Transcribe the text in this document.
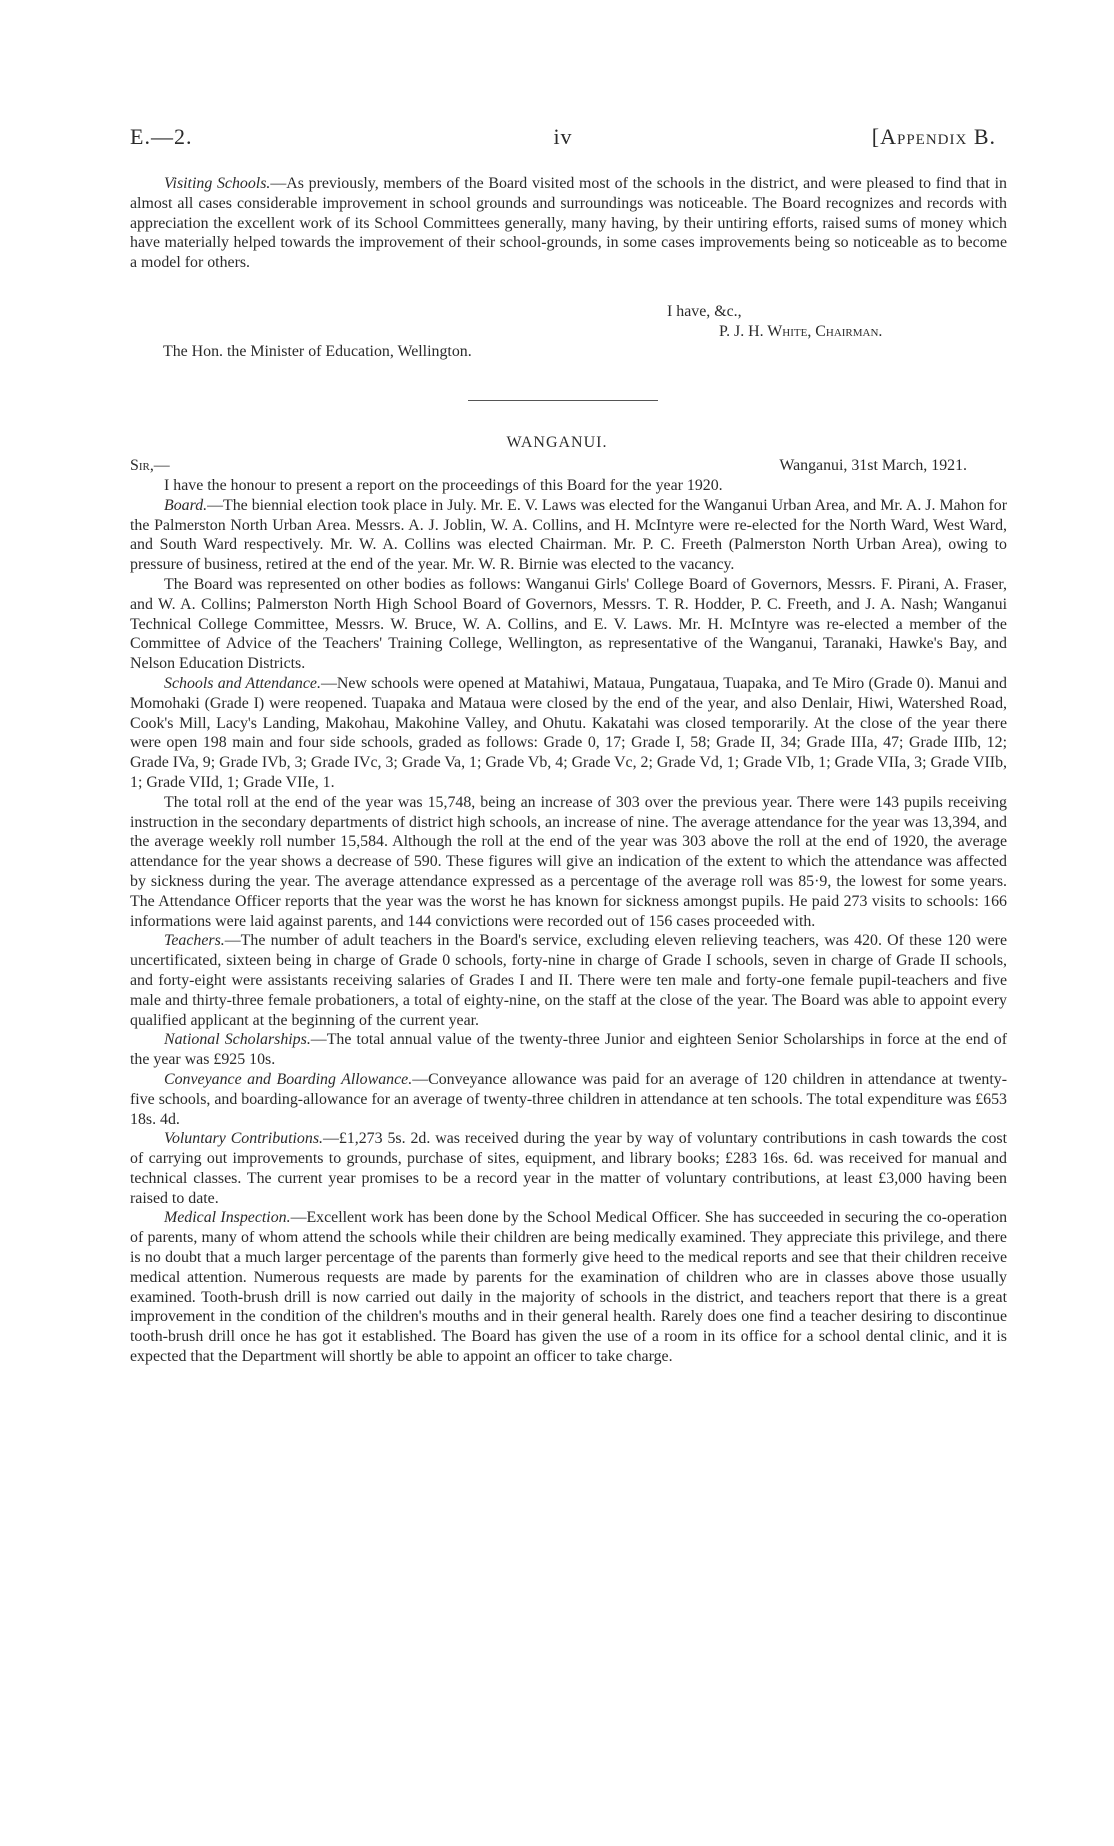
E.—2.	iv	[Appendix B.

Visiting Schools.—As previously, members of the Board visited most of the schools in the district, and were pleased to find that in almost all cases considerable improvement in school grounds and surroundings was noticeable. The Board recognizes and records with appreciation the excellent work of its School Committees generally, many having, by their untiring efforts, raised sums of money which have materially helped towards the improvement of their school-grounds, in some cases improvements being so noticeable as to become a model for others.

I have, &c.,
P. J. H. White, Chairman.
The Hon. the Minister of Education, Wellington.
WANGANUI.
Sir,—	Wanganui, 31st March, 1921.

I have the honour to present a report on the proceedings of this Board for the year 1920.

Board.—The biennial election took place in July. Mr. E. V. Laws was elected for the Wanganui Urban Area, and Mr. A. J. Mahon for the Palmerston North Urban Area. Messrs. A. J. Joblin, W. A. Collins, and H. McIntyre were re-elected for the North Ward, West Ward, and South Ward respectively. Mr. W. A. Collins was elected Chairman. Mr. P. C. Freeth (Palmerston North Urban Area), owing to pressure of business, retired at the end of the year. Mr. W. R. Birnie was elected to the vacancy.

The Board was represented on other bodies as follows: Wanganui Girls' College Board of Governors, Messrs. F. Pirani, A. Fraser, and W. A. Collins; Palmerston North High School Board of Governors, Messrs. T. R. Hodder, P. C. Freeth, and J. A. Nash; Wanganui Technical College Committee, Messrs. W. Bruce, W. A. Collins, and E. V. Laws. Mr. H. McIntyre was re-elected a member of the Committee of Advice of the Teachers' Training College, Wellington, as representative of the Wanganui, Taranaki, Hawke's Bay, and Nelson Education Districts.

Schools and Attendance.—New schools were opened at Matahiwi, Mataua, Pungataua, Tuapaka, and Te Miro (Grade 0). Manui and Momohaki (Grade I) were reopened. Tuapaka and Mataua were closed by the end of the year, and also Denlair, Hiwi, Watershed Road, Cook's Mill, Lacy's Landing, Makohau, Makohine Valley, and Ohutu. Kakatahi was closed temporarily. At the close of the year there were open 198 main and four side schools, graded as follows: Grade 0, 17; Grade I, 58; Grade II, 34; Grade IIIa, 47; Grade IIIb, 12; Grade IVa, 9; Grade IVb, 3; Grade IVc, 3; Grade Va, 1; Grade Vb, 4; Grade Vc, 2; Grade Vd, 1; Grade VIb, 1; Grade VIIa, 3; Grade VIIb, 1; Grade VIId, 1; Grade VIIe, 1.

The total roll at the end of the year was 15,748, being an increase of 303 over the previous year. There were 143 pupils receiving instruction in the secondary departments of district high schools, an increase of nine. The average attendance for the year was 13,394, and the average weekly roll number 15,584. Although the roll at the end of the year was 303 above the roll at the end of 1920, the average attendance for the year shows a decrease of 590. These figures will give an indication of the extent to which the attendance was affected by sickness during the year. The average attendance expressed as a percentage of the average roll was 85·9, the lowest for some years. The Attendance Officer reports that the year was the worst he has known for sickness amongst pupils. He paid 273 visits to schools: 166 informations were laid against parents, and 144 convictions were recorded out of 156 cases proceeded with.

Teachers.—The number of adult teachers in the Board's service, excluding eleven relieving teachers, was 420. Of these 120 were uncertificated, sixteen being in charge of Grade 0 schools, forty-nine in charge of Grade I schools, seven in charge of Grade II schools, and forty-eight were assistants receiving salaries of Grades I and II. There were ten male and forty-one female pupil-teachers and five male and thirty-three female probationers, a total of eighty-nine, on the staff at the close of the year. The Board was able to appoint every qualified applicant at the beginning of the current year.

National Scholarships.—The total annual value of the twenty-three Junior and eighteen Senior Scholarships in force at the end of the year was £925 10s.

Conveyance and Boarding Allowance.—Conveyance allowance was paid for an average of 120 children in attendance at twenty-five schools, and boarding-allowance for an average of twenty-three children in attendance at ten schools. The total expenditure was £653 18s. 4d.

Voluntary Contributions.—£1,273 5s. 2d. was received during the year by way of voluntary contributions in cash towards the cost of carrying out improvements to grounds, purchase of sites, equipment, and library books; £283 16s. 6d. was received for manual and technical classes. The current year promises to be a record year in the matter of voluntary contributions, at least £3,000 having been raised to date.

Medical Inspection.—Excellent work has been done by the School Medical Officer. She has succeeded in securing the co-operation of parents, many of whom attend the schools while their children are being medically examined. They appreciate this privilege, and there is no doubt that a much larger percentage of the parents than formerly give heed to the medical reports and see that their children receive medical attention. Numerous requests are made by parents for the examination of children who are in classes above those usually examined. Tooth-brush drill is now carried out daily in the majority of schools in the district, and teachers report that there is a great improvement in the condition of the children's mouths and in their general health. Rarely does one find a teacher desiring to discontinue tooth-brush drill once he has got it established. The Board has given the use of a room in its office for a school dental clinic, and it is expected that the Department will shortly be able to appoint an officer to take charge.
